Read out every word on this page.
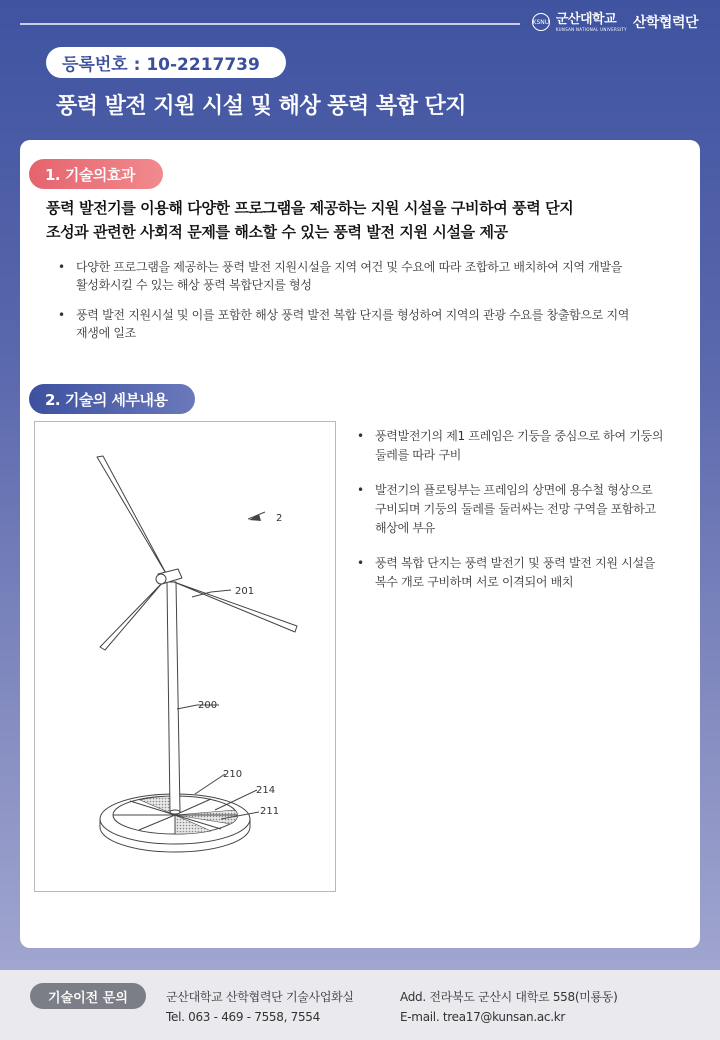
KSNU 군산대학교
KUNSAN NATIONAL UNIVERSITY 산학협력단
등록번호 : 10-2217739
풍력 발전 지원 시설 및 해상 풍력 복합 단지
1. 기술의효과
풍력 발전기를 이용해 다양한 프로그램을 제공하는 지원 시설을 구비하여 풍력 단지
조성과 관련한 사회적 문제를 해소할 수 있는 풍력 발전 지원 시설을 제공
• 다양한 프로그램을 제공하는 풍력 발전 지원시설을 지역 여건 및 수요에 따라 조합하고 배치하여 지역 개발을
활성화시킬 수 있는 해상 풍력 복합단지를 형성
• 풍력 발전 지원시설 및 이를 포함한 해상 풍력 발전 복합 단지를 형성하여 지역의 관광 수요를 창출함으로 지역
재생에 일조
2. 기술의 세부내용
2
201
200
210
214
211
• 풍력발전기의 제1 프레임은 기둥을 중심으로 하여 기둥의
둘레를 따라 구비
• 발전기의 플로팅부는 프레임의 상면에 용수철 형상으로
구비되며 기둥의 둘레를 둘러싸는 전망 구역을 포함하고
해상에 부유
• 풍력 복합 단지는 풍력 발전기 및 풍력 발전 지원 시설을
복수 개로 구비하며 서로 이격되어 배치
기술이전 문의	군산대학교 산학협력단 기술사업화실
Tel. 063 - 469 - 7558, 7554
Add. 전라북도 군산시 대학로 558(미룡동)
E-mail. trea17@kunsan.ac.kr
